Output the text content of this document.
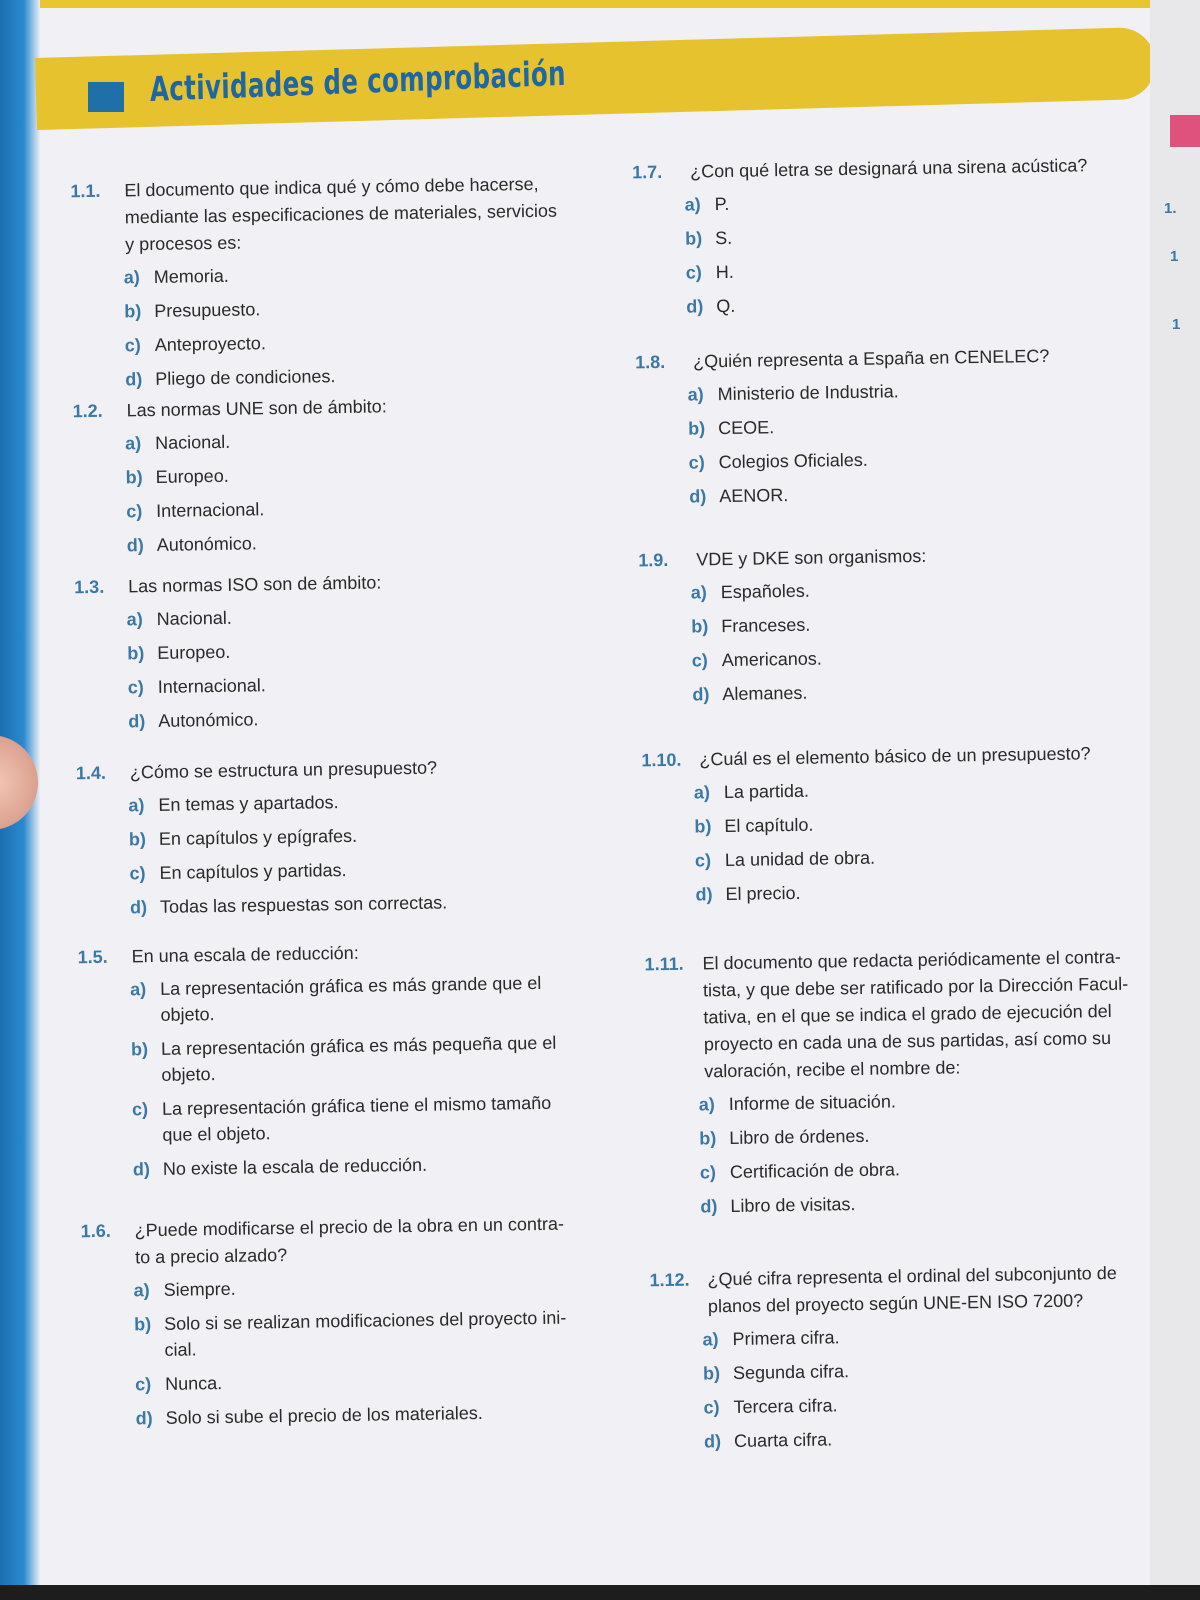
Actividades de comprobación
1.1.	El documento que indica qué y cómo debe hacerse,
mediante las especificaciones de materiales, servicios
y procesos es:
a) Memoria.
b) Presupuesto.
c) Anteproyecto.
d) Pliego de condiciones.
1.2.	Las normas UNE son de ámbito:
a) Nacional.
b) Europeo.
c) Internacional.
d) Autonómico.
1.3.	Las normas ISO son de ámbito:
a) Nacional.
b) Europeo.
c) Internacional.
d) Autonómico.
1.4.	¿Cómo se estructura un presupuesto?
a) En temas y apartados.
b) En capítulos y epígrafes.
c) En capítulos y partidas.
d) Todas las respuestas son correctas.
1.5.	En una escala de reducción:
a) La representación gráfica es más grande que el
objeto.
b) La representación gráfica es más pequeña que el
objeto.
c) La representación gráfica tiene el mismo tamaño
que el objeto.
d) No existe la escala de reducción.
1.6.	¿Puede modificarse el precio de la obra en un contra-
to a precio alzado?
a) Siempre.
b) Solo si se realizan modificaciones del proyecto ini-
cial.
c) Nunca.
d) Solo si sube el precio de los materiales.
1.7.	¿Con qué letra se designará una sirena acústica?
a) P.
b) S.
c) H.
d) Q.
1.8.	¿Quién representa a España en CENELEC?
a) Ministerio de Industria.
b) CEOE.
c) Colegios Oficiales.
d) AENOR.
1.9.	VDE y DKE son organismos:
a) Españoles.
b) Franceses.
c) Americanos.
d) Alemanes.
1.10. ¿Cuál es el elemento básico de un presupuesto?
a) La partida.
b) El capítulo.
c) La unidad de obra.
d) El precio.
1.11.	El documento que redacta periódicamente el contra-
tista, y que debe ser ratificado por la Dirección Facul-
tativa, en el que se indica el grado de ejecución del
proyecto en cada una de sus partidas, así como su
valoración, recibe el nombre de:
a) Informe de situación.
b) Libro de órdenes.
c) Certificación de obra.
d) Libro de visitas.
1.12. ¿Qué cifra representa el ordinal del subconjunto de
planos del proyecto según UNE-EN ISO 7200?
a) Primera cifra.
b) Segunda cifra.
c) Tercera cifra.
d) Cuarta cifra.
1.
1
1
